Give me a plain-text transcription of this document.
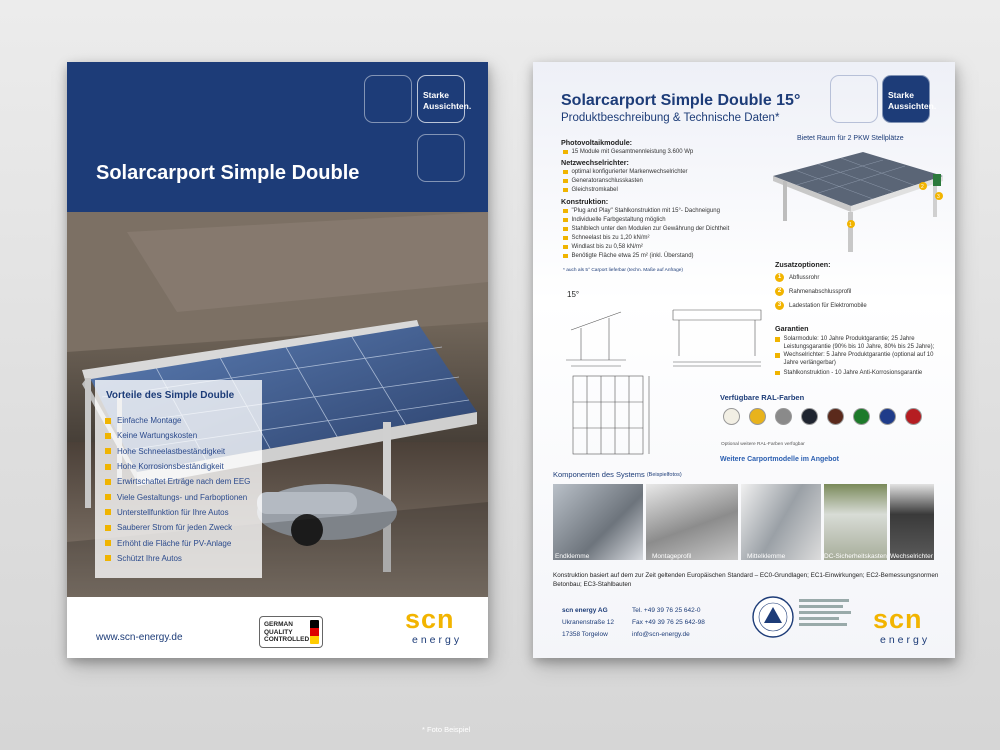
Starke
Aussichten.
Solarcarport Simple Double
* Foto Beispiel
Vorteile des Simple Double
Einfache Montage
Keine Wartungskosten
Hohe Schneelastbeständigkeit
Hohe Korrosionsbeständigkeit
Erwirtschaftet Erträge nach dem EEG
Viele Gestaltungs- und Farboptionen
Unterstellfunktion für Ihre Autos
Sauberer Strom für jeden Zweck
Erhöht die Fläche für PV-Anlage
Schützt Ihre Autos
www.scn-energy.de
GERMAN
QUALITY
CONTROLLED
scn
energy
Starke
Aussichten.
Solarcarport Simple Double 15°
Produktbeschreibung & Technische Daten*
Photovoltaikmodule:
15 Module mit Gesamtnennleistung 3.600 Wp
Netzwechselrichter:
optimal konfigurierter Markenwechselrichter
Generatoranschlusskasten
Gleichstromkabel
Konstruktion:
"Plug and Play" Stahlkonstruktion mit 15°- Dachneigung
Individuelle Farbgestaltung möglich
Stahlblech unter den Modulen zur Gewährung der Dichtheit
Schneelast bis zu 1,20 kN/m²
Windlast bis zu 0,58 kN/m²
Benötigte Fläche etwa 25 m² (inkl. Überstand)
* auch als 5° Carport lieferbar (techn. Maße auf Anfrage)
Bietet Raum für 2 PKW Stellplätze
1
2
3
Zusatzoptionen:
1	Abflussrohr
2	Rahmenabschlussprofil
3	Ladestation für Elektromobile
15°
Garantien
Solarmodule: 10 Jahre Produktgarantie; 25 Jahre Leistungsgarantie (90% bis 10 Jahre, 80% bis 25 Jahre);
Wechselrichter: 5 Jahre Produktgarantie (optional auf 10 Jahre verlängerbar)
Stahlkonstruktion - 10 Jahre Anti-Korrosionsgarantie
Verfügbare RAL-Farben
Optional weitere RAL-Farben verfügbar
Weitere Carportmodelle im Angebot
Komponenten des Systems
(Beispielfotos)
Endklemme	Montageprofil	Mittelklemme	DC-Sicherheitskasten Wechselrichter
Konstruktion basiert auf dem zur Zeit geltenden Europäischen Standard – EC0-Grundlagen; EC1-Einwirkungen; EC2-Bemessungsnormen Betonbau; EC3-Stahlbauten
scn energy AG
Ukranenstraße 12
17358 Torgelow
Tel. +49 39 76 25 642-0
Fax +49 39 76 25 642-98
info@scn-energy.de
scn
energy
